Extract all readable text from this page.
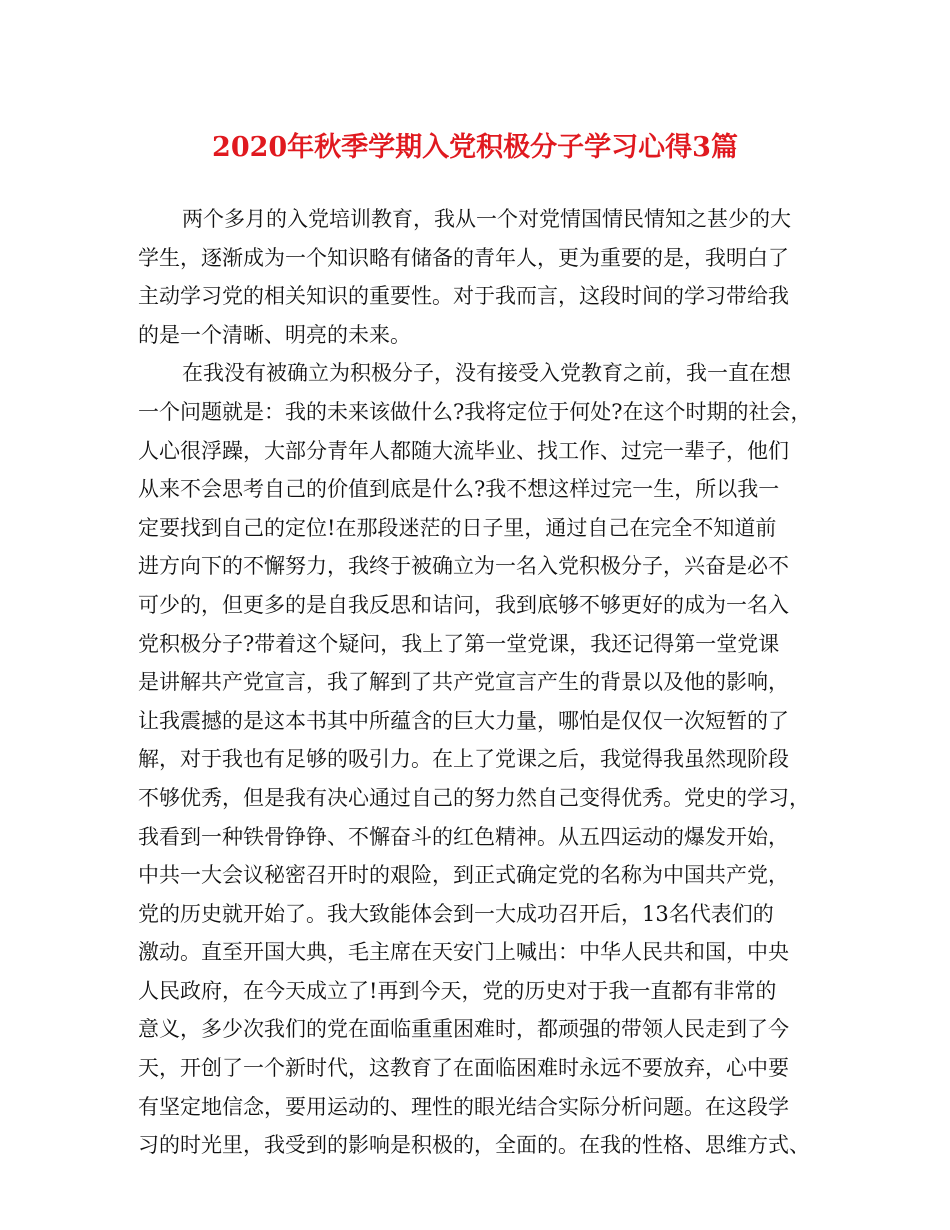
2020年秋季学期入党积极分子学习心得3篇
两个多月的入党培训教育，我从一个对党情国情民情知之甚少的大
学生，逐渐成为一个知识略有储备的青年人，更为重要的是，我明白了
主动学习党的相关知识的重要性。对于我而言，这段时间的学习带给我
的是一个清晰、明亮的未来。
在我没有被确立为积极分子，没有接受入党教育之前，我一直在想
一个问题就是：我的未来该做什么?我将定位于何处?在这个时期的社会，
人心很浮躁，大部分青年人都随大流毕业、找工作、过完一辈子，他们
从来不会思考自己的价值到底是什么?我不想这样过完一生，所以我一
定要找到自己的定位!在那段迷茫的日子里，通过自己在完全不知道前
进方向下的不懈努力，我终于被确立为一名入党积极分子，兴奋是必不
可少的，但更多的是自我反思和诘问，我到底够不够更好的成为一名入
党积极分子?带着这个疑问，我上了第一堂党课，我还记得第一堂党课
是讲解共产党宣言，我了解到了共产党宣言产生的背景以及他的影响，
让我震撼的是这本书其中所蕴含的巨大力量，哪怕是仅仅一次短暂的了
解，对于我也有足够的吸引力。在上了党课之后，我觉得我虽然现阶段
不够优秀，但是我有决心通过自己的努力然自己变得优秀。党史的学习，
我看到一种铁骨铮铮、不懈奋斗的红色精神。从五四运动的爆发开始，
中共一大会议秘密召开时的艰险，到正式确定党的名称为中国共产党，
党的历史就开始了。我大致能体会到一大成功召开后，13名代表们的
激动。直至开国大典，毛主席在天安门上喊出：中华人民共和国，中央
人民政府，在今天成立了!再到今天，党的历史对于我一直都有非常的
意义，多少次我们的党在面临重重困难时，都顽强的带领人民走到了今
天，开创了一个新时代，这教育了在面临困难时永远不要放弃，心中要
有坚定地信念，要用运动的、理性的眼光结合实际分析问题。在这段学
习的时光里，我受到的影响是积极的，全面的。在我的性格、思维方式、
